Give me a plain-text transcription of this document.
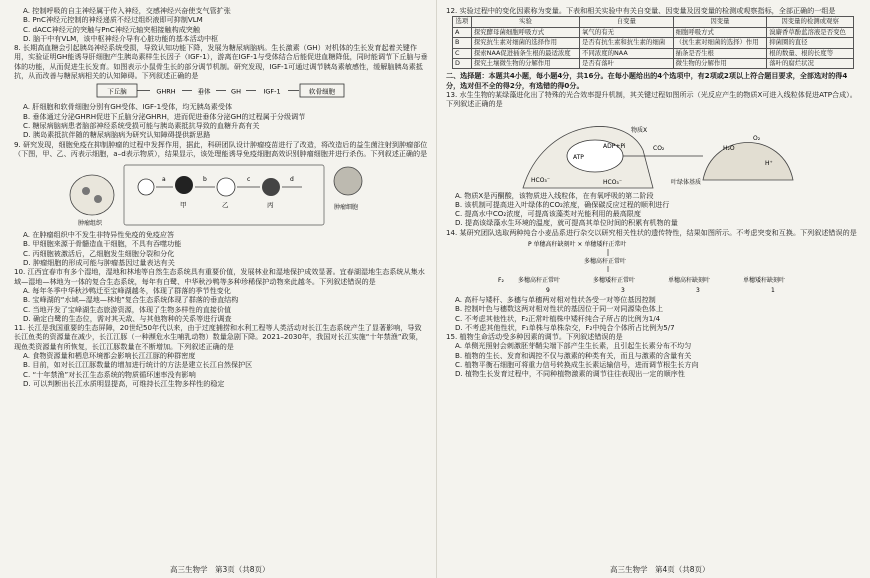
A. 控制呼吸的自主神经属于传入神经，交感神经兴奋使支气管扩张

B. PnC神经元控制的神经递质不经过组织液即可抑制VLM

C. dACC神经元的突触与PnC神经元轴突相接触构成突触

D. 脑干中有VLM，该中枢神经介导有心脏功能的基本活动中枢

8. 长期高血糖会引起胰岛神经系统受损，导致认知功能下降，发展为糖尿病脑病。生长激素（GH）对机体的生长发育起着关键作用，实验证明GH能诱导肝细胞产生胰岛素样生长因子（IGF-1），游离在IGF-1与受体结合后能促进血糖降低，同时能调节下丘脑与垂体的功能，从而促进生长发育。如图表示小鼠骨生长的部分调节机制。研究发现，IGF-1可通过调节胰岛素敏感性，缓解脑胰岛素抵抗，从而改善与糖尿病相关的认知障碍。下列叙述正确的是

下丘脑	GHRH	垂体	GH	IGF-1	软骨细胞

A. 肝细胞和软骨细胞分别有GH受体、IGF-1受体，均无胰岛素受体

B. 垂体通过分泌GHRH促进下丘脑分泌GHRH，进而促进垂体分泌GH的过程属于分级调节

C. 糖尿病脑病患者脑部神经系统受损可能与胰岛素抵抗导致的血糖升高有关

D. 胰岛素抵抗伴随的糖尿病脑病为研究认知障碍提供新思路

9. 研究发现，细胞免疫在抑制肿瘤的过程中发挥作用，据此，科研团队设计肿瘤疫苗进行了改造，将改造后的益生菌注射到肿瘤部位（下图，甲、乙、丙表示细胞，a–d表示物质），结果显示，该处理能诱导免疫细胞高效识别肿瘤细胞并进行杀伤。下列叙述正确的是

肿瘤组织
甲	乙	丙
a	b	c	d
肿瘤细胞

A. 在肿瘤组织中不发生非特异性免疫的免疫应答

B. 甲细胞来源于骨髓造血干细胞，不具有吞噬功能

C. 丙细胞被激活后，乙细胞发生细胞分裂和分化

D. 肿瘤细胞的形成可能与肿瘤基因过量表达有关

10. 江西宜春市有多个湿地，湿地和林地等自然生态系统具有重要价值，发展林业和湿地保护成效显著。宜春湖湿地生态系统从集水域—湿地—林地为一体的复合生态系统，每年有白鹭、中华秋沙鸭等多种珍稀保护动物来此越冬。下列叙述错误的是

A. 每年冬季中华秋沙鸭迁至宝峰湖越冬，体现了群落的季节性变化

B. 宝峰湖的“水域—湿地—林地”复合生态系统体现了群落的垂直结构

C. 当地开发了宝峰湖生态旅游资源，体现了生物多样性的直接价值

D. 确定白鹭的生态位，需对其天敌、与其他物种的关系等进行调查

11. 长江是我国重要的生态屏障，20世纪50年代以来，由于过度捕捞和水利工程等人类活动对长江生态系统产生了显著影响，导致长江鱼类的资源量在减少，长江江豚（一种濒危水生哺乳动物）数量急剧下降。2021–2030年，我国对长江实施“十年禁渔”政策，现鱼类资源量有所恢复，长江江豚数量在不断增加。下列叙述正确的是

A. 食物资源量和栖息环境都会影响长江江豚的种群密度

B. 目前，如对长江江豚数量的增加进行统计的方法是建立长江自然保护区

C. “十年禁渔”对长江生态系统的物质循环速率没有影响

D. 可以判断出长江水质明显提高，可维持长江生物多样性的稳定

高三生物学　第3页（共8页）

12. 实验过程中的变化因素称为变量。下表和相关实验中有关自变量、因变量及因变量的检测或观察指标，全部正确的一组是

选项	实验	自变量	因变量	因变量的检测或观察
A	探究酵母菌细胞呼吸方式	氧气的有无	细胞呼吸方式	溴麝香草酚蓝溶液是否变色
B	探究抗生素对细菌的选择作用	是否有抗生素和抗生素的细菌	（抗生素对细菌的选择）作用	抑菌圈的直径
C	探索NAA促进插条生根的最适浓度	不同浓度的NAA	插条是否生根	根的数量、根的长度等
D	探究土壤微生物的分解作用	是否有落叶	微生物的分解作用	落叶的腐烂状况

二、选择题：本题共4小题，每小题4分，共16分。在每小题给出的4个选项中，有2项或2项以上符合题目要求，全部选对的得4分，选对但不全的得2分，有选错的得0分。

13. 水生生物的某绿藻进化出了特殊的光合效率提升机制，其关键过程如图所示（光反应产生的物质X可进入线粒体促进ATP合成）。下列叙述正确的是

ATP
ADP+Pi
物质X
HCO₃⁻	HCO₃⁻	叶绿体基质
H₂O
O₂
H⁺
CO₂

A. 物质X是丙酮酸，该物质进入线粒体，在有氧呼吸的第二阶段

B. 该机制可提高进入叶绿体的CO₂浓度，确保碳反应过程的顺利进行

C. 提高水中CO₂浓度，可提高该藻类对光能利用的最高限度

D. 提高该绿藻水生环境的温度，就可提高其单位时间的积累有机物的量

14. 某研究团队选取两种纯合小麦品系进行杂交以研究相关性状的遗传特性，结果如图所示。不考虑突变和互换。下列叙述错误的是

P 单穗高秆缺刻叶 × 单穗矮秆正常叶
多穗高秆正常叶
F₂ 多穗高秆正常叶	多穗矮秆正常叶	单穗高秆缺刻叶	单穗矮秆缺刻叶
9	3	3	1

A. 高秆与矮秆、多穗与单穗两对相对性状各受一对等位基因控制

B. 控制叶色与穗数这两对相对性状的基因位于同一对同源染色体上

C. 不考虑其他性状，F₂正常叶植株中矮秆纯合子所占的比例为1/4

D. 不考虑其他性状，F₁单株与单株杂交，F₂中纯合个体所占比例为5/7

15. 植物生命活动受多种因素的调节。下列叙述错误的是

A. 单侧光照射会刺激胚芽鞘尖端下部产生生长素，且引起生长素分布不均匀

B. 植物的生长、发育和调控不仅与激素的种类有关，而且与激素的含量有关

C. 植物平衡石细胞可将重力信号转换成生长素运输信号，进而调节根生长方向

D. 植物生长发育过程中，不同种植物激素的调节往往表现出一定的顺序性

高三生物学　第4页（共8页）
